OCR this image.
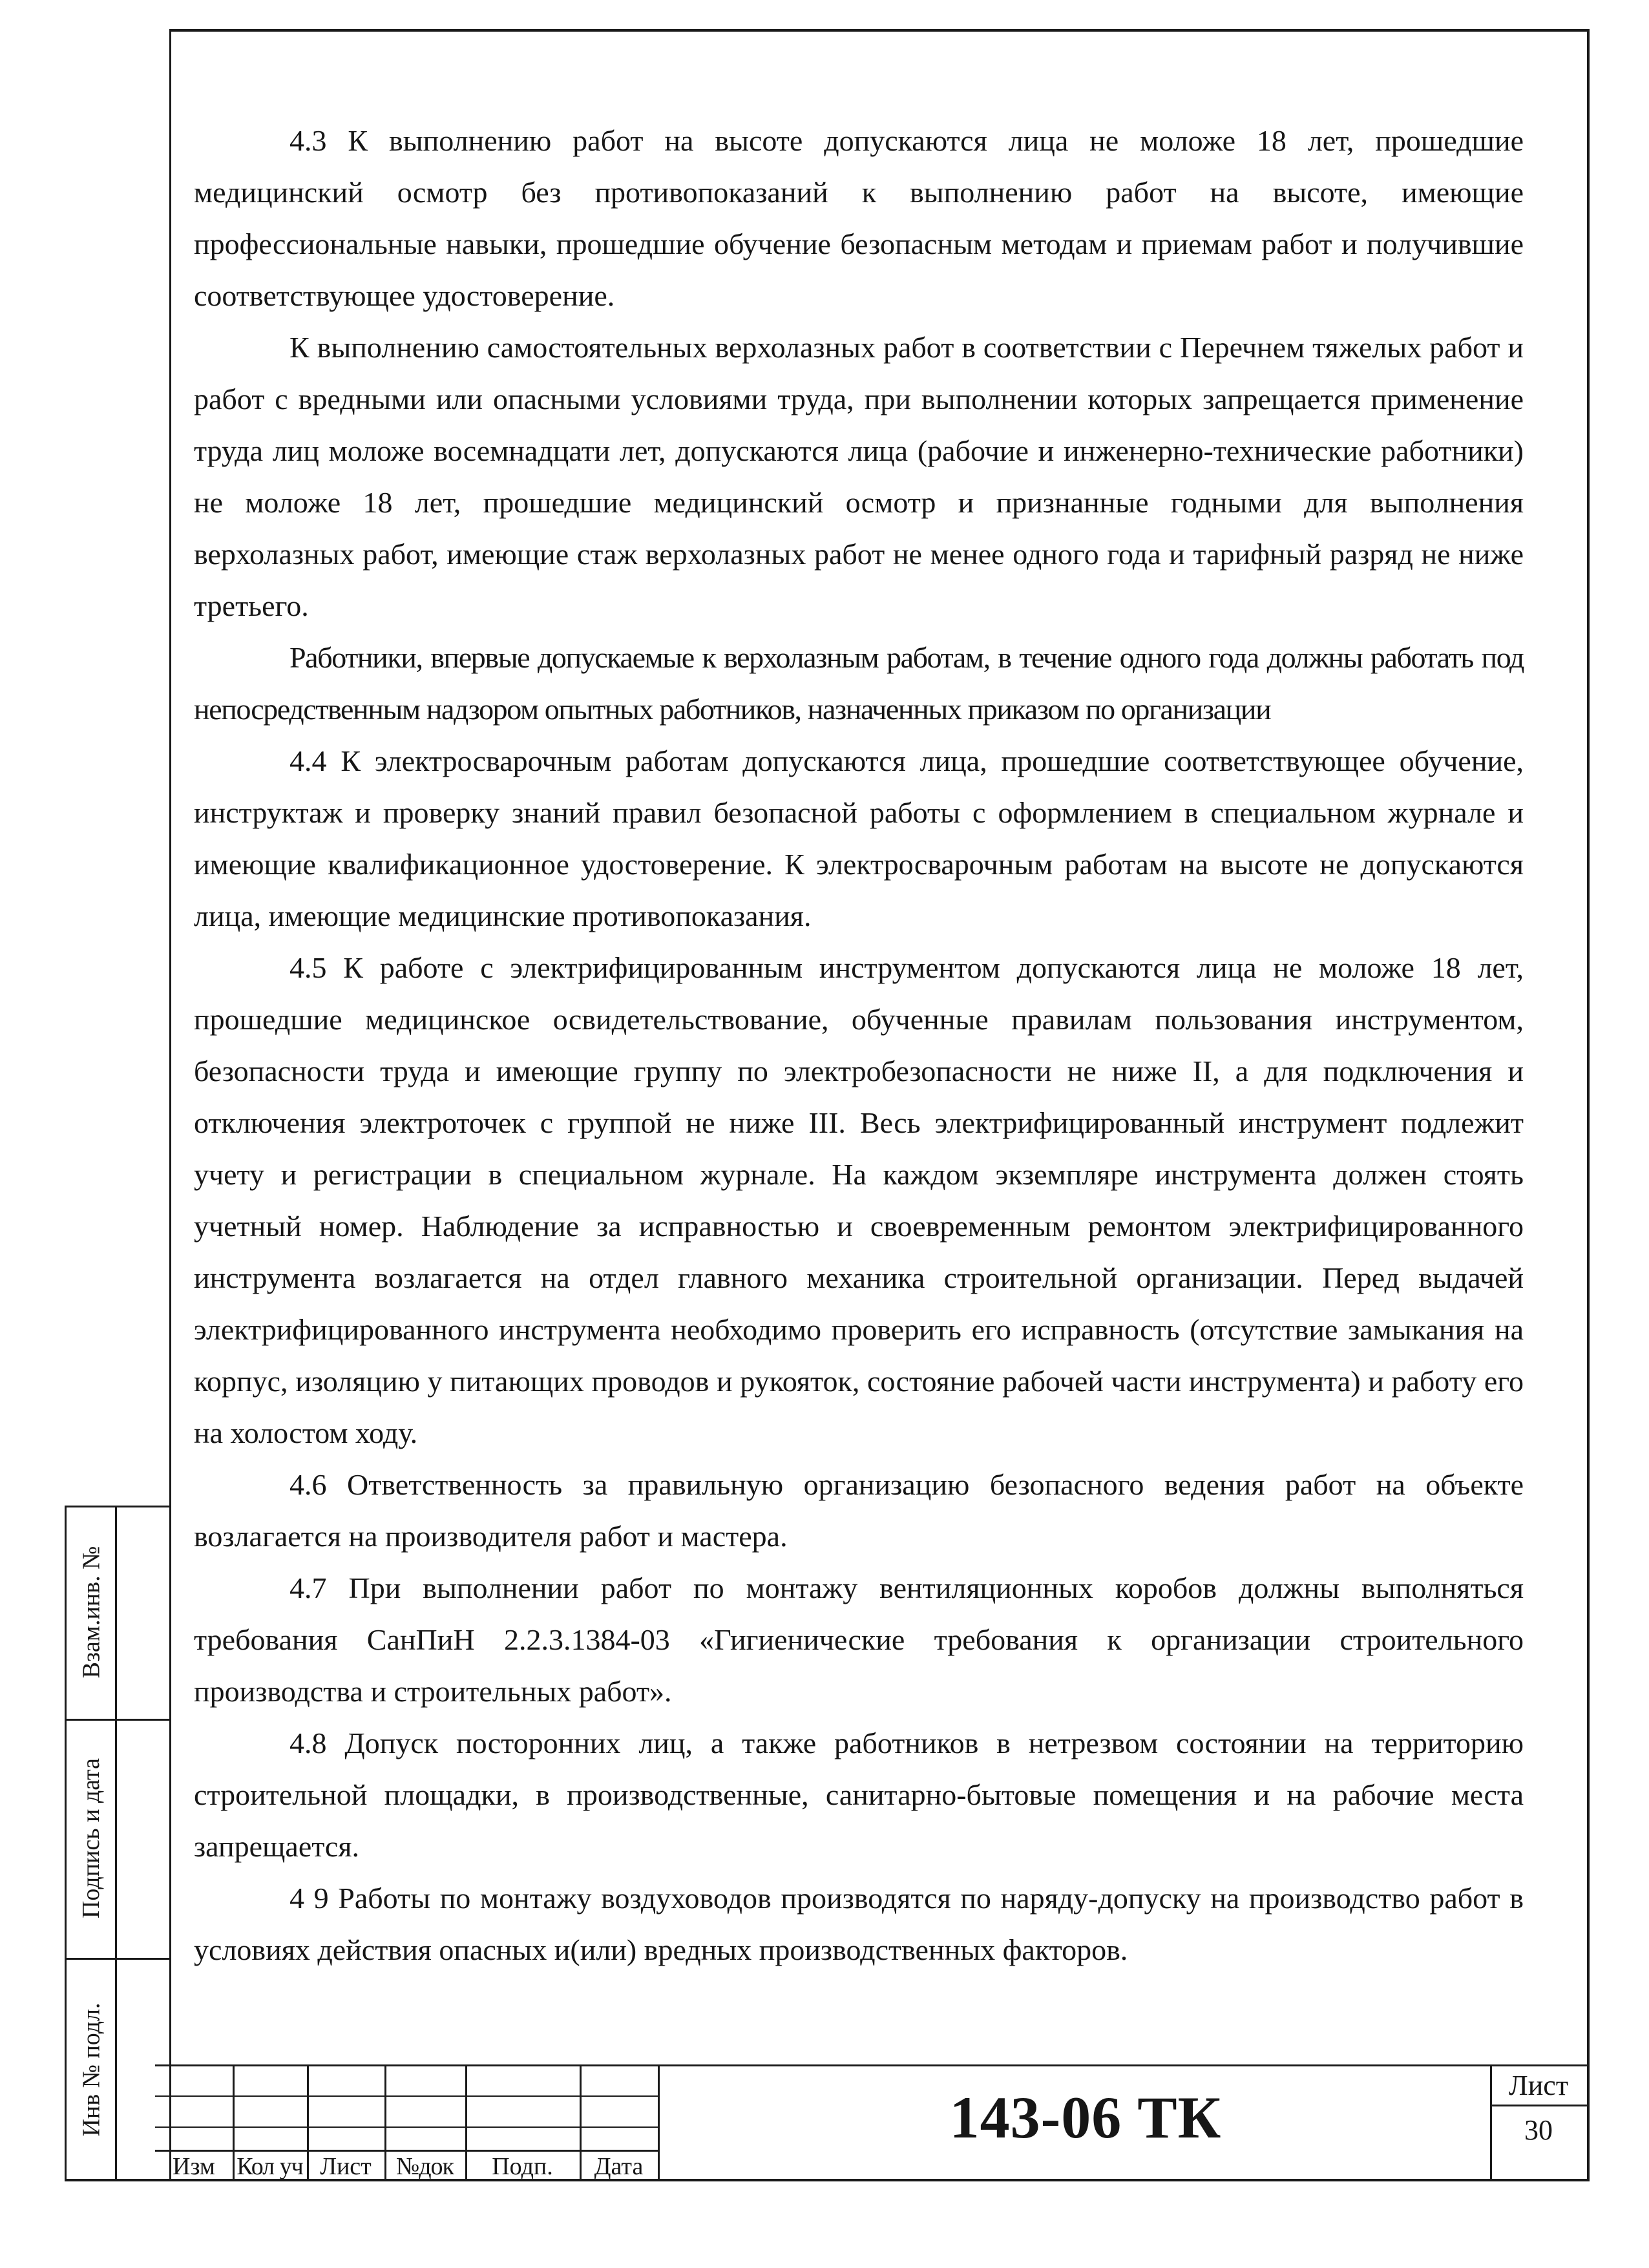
4.3 К выполнению работ на высоте допускаются лица не моложе 18 лет, прошедшие медицинский осмотр без противопоказаний к выполнению работ на высоте, имеющие профессиональные навыки, прошедшие обучение безопасным методам и приемам работ и получившие соответствующее удостоверение.

К выполнению самостоятельных верхолазных работ в соответствии с Перечнем тяжелых работ и работ с вредными или опасными условиями труда, при выполнении которых запрещается применение труда лиц моложе восемнадцати лет, допускаются лица (рабочие и инженерно-технические работники) не моложе 18 лет, прошедшие медицинский осмотр и признанные годными для выполнения верхолазных работ, имеющие стаж верхолазных работ не менее одного года и тарифный разряд не ниже третьего.

Работники, впервые допускаемые к верхолазным работам, в течение одного года должны работать под непосредственным надзором опытных работников, назначенных приказом по организации

4.4 К электросварочным работам допускаются лица, прошедшие соответствующее обучение, инструктаж и проверку знаний правил безопасной работы с оформлением в специальном журнале и имеющие квалификационное удостоверение. К электросварочным работам на высоте не допускаются лица, имеющие медицинские противопоказания.

4.5 К работе с электрифицированным инструментом допускаются лица не моложе 18 лет, прошедшие медицинское освидетельствование, обученные правилам пользования инструментом, безопасности труда и имеющие группу по электробезопасности не ниже II, а для подключения и отключения электроточек с группой не ниже III. Весь электрифицированный инструмент подлежит учету и регистрации в специальном журнале. На каждом экземпляре инструмента должен стоять учетный номер. Наблюдение за исправностью и своевременным ремонтом электрифицированного инструмента возлагается на отдел главного механика строительной организации. Перед выдачей электрифицированного инструмента необходимо проверить его исправность (отсутствие замыкания на корпус, изоляцию у питающих проводов и рукояток, состояние рабочей части инструмента) и работу его на холостом ходу.

4.6 Ответственность за правильную организацию безопасного ведения работ на объекте возлагается на производителя работ и мастера.

4.7 При выполнении работ по монтажу вентиляционных коробов должны выполняться требования СанПиН 2.2.3.1384-03 «Гигиенические требования к организации строительного производства и строительных работ».

4.8 Допуск посторонних лиц, а также работников в нетрезвом состоянии на территорию строительной площадки, в производственные, санитарно-бытовые помещения и на рабочие места запрещается.

4 9 Работы по монтажу воздуховодов производятся по наряду-допуску на производство работ в условиях действия опасных и(или) вредных производственных факторов.

Взам.инв. №
Подпись и дата
Инв № подл.
Изм Кол уч Лист	№док	Подп.	Дата
143-06 ТК	Лист
30
